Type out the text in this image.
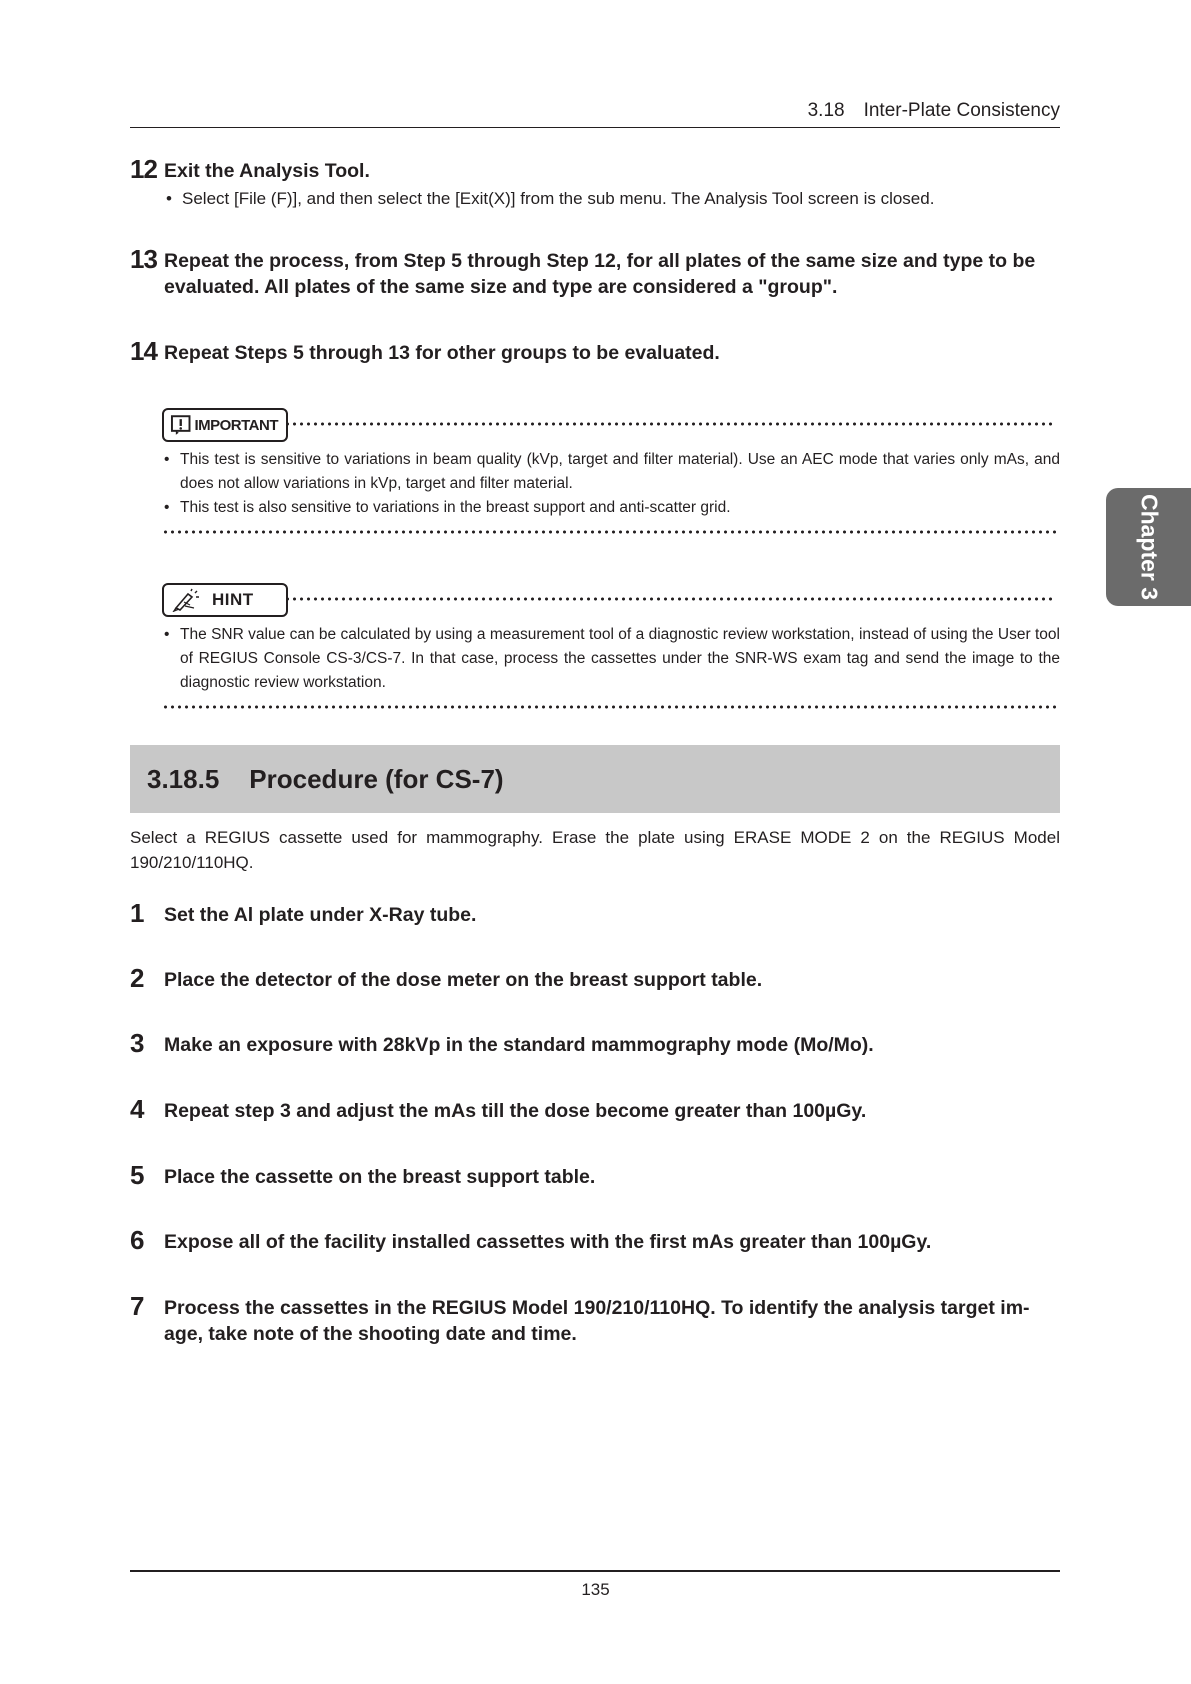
3.18 Inter-Plate Consistency
Chapter 3
12 Exit the Analysis Tool.
• Select [File (F)], and then select the [Exit(X)] from the sub menu. The Analysis Tool screen is closed.
13 Repeat the process, from Step 5 through Step 12, for all plates of the same size and type to be evaluated. All plates of the same size and type are considered a "group".
14 Repeat Steps 5 through 13 for other groups to be evaluated.
IMPORTANT
• This test is sensitive to variations in beam quality (kVp, target and filter material). Use an AEC mode that varies only mAs, and does not allow variations in kVp, target and filter material.
• This test is also sensitive to variations in the breast support and anti-scatter grid.
HINT
• The SNR value can be calculated by using a measurement tool of a diagnostic review workstation, instead of using the User tool of REGIUS Console CS-3/CS-7. In that case, process the cassettes under the SNR-WS exam tag and send the image to the diagnostic review workstation.
3.18.5 Procedure (for CS-7)
Select a REGIUS cassette used for mammography. Erase the plate using ERASE MODE 2 on the REGIUS Model 190/210/110HQ.
1	Set the Al plate under X-Ray tube.
2	Place the detector of the dose meter on the breast support table.
3	Make an exposure with 28kVp in the standard mammography mode (Mo/Mo).
4	Repeat step 3 and adjust the mAs till the dose become greater than 100µGy.
5	Place the cassette on the breast support table.
6	Expose all of the facility installed cassettes with the first mAs greater than 100µGy.
7	Process the cassettes in the REGIUS Model 190/210/110HQ. To identify the analysis target im-age, take note of the shooting date and time.
135
